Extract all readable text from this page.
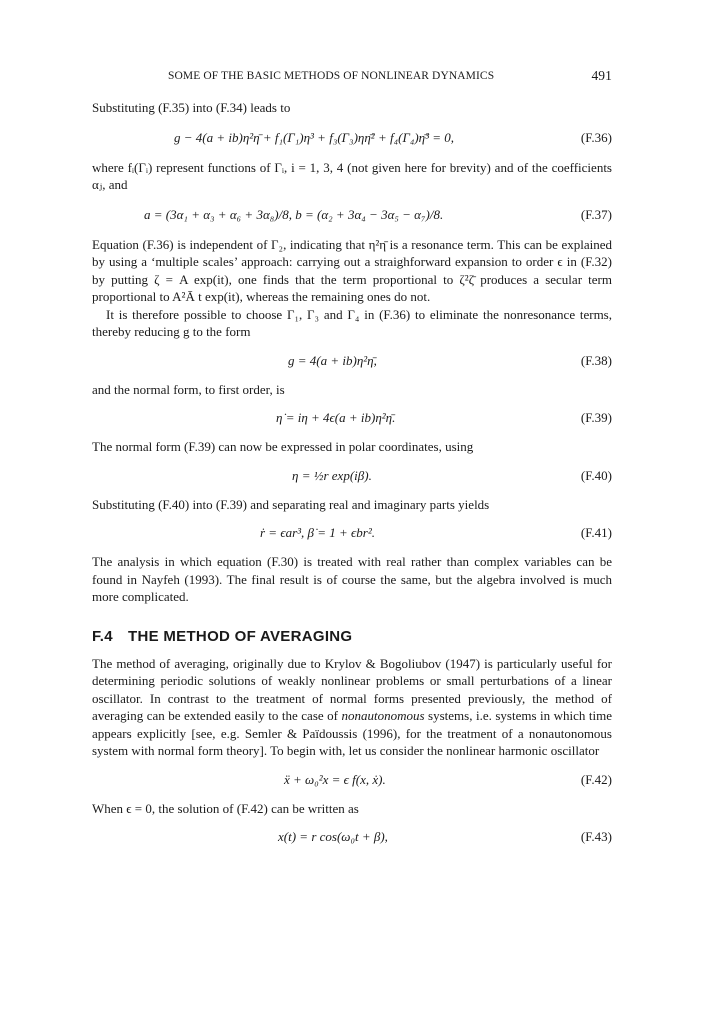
SOME OF THE BASIC METHODS OF NONLINEAR DYNAMICS	491

Substituting (F.35) into (F.34) leads to

g − 4(a + ib)η²η̄ + f₁(Γ₁)η³ + f₃(Γ₃)ηη̄² + f₄(Γ₄)η̄³ = 0,	(F.36)

where fᵢ(Γᵢ) represent functions of Γᵢ, i = 1, 3, 4 (not given here for brevity) and of the coefficients αⱼ, and

a = (3α₁ + α₃ + α₆ + 3α₈)/8, b = (α₂ + 3α₄ − 3α₅ − α₇)/8.	(F.37)

Equation (F.36) is independent of Γ₂, indicating that η²η̄ is a resonance term. This can be explained by using a ‘multiple scales’ approach: carrying out a straighforward expansion to order ϵ in (F.32) by putting ζ = A exp(it), one finds that the term proportional to ζ²ζ̄ produces a secular term proportional to A²Ā t exp(it), whereas the remaining ones do not.

It is therefore possible to choose Γ₁, Γ₃ and Γ₄ in (F.36) to eliminate the nonresonance terms, thereby reducing g to the form

g = 4(a + ib)η²η̄,	(F.38)

and the normal form, to first order, is

η̇ = iη + 4ϵ(a + ib)η²η̄.	(F.39)

The normal form (F.39) can now be expressed in polar coordinates, using

η = ½r exp(iβ).	(F.40)

Substituting (F.40) into (F.39) and separating real and imaginary parts yields

ṙ = ϵar³, β̇ = 1 + ϵbr².	(F.41)

The analysis in which equation (F.30) is treated with real rather than complex variables can be found in Nayfeh (1993). The final result is of course the same, but the algebra involved is much more complicated.

F.4 THE METHOD OF AVERAGING

The method of averaging, originally due to Krylov & Bogoliubov (1947) is particularly useful for determining periodic solutions of weakly nonlinear problems or small perturbations of a linear oscillator. In contrast to the treatment of normal forms presented previously, the method of averaging can be extended easily to the case of nonautonomous systems, i.e. systems in which time appears explicitly [see, e.g. Semler & Païdoussis (1996), for the treatment of a nonautonomous system with normal form theory]. To begin with, let us consider the nonlinear harmonic oscillator

ẍ + ω₀²x = ϵ f(x, ẋ).	(F.42)

When ϵ = 0, the solution of (F.42) can be written as

x(t) = r cos(ω₀t + β),	(F.43)
